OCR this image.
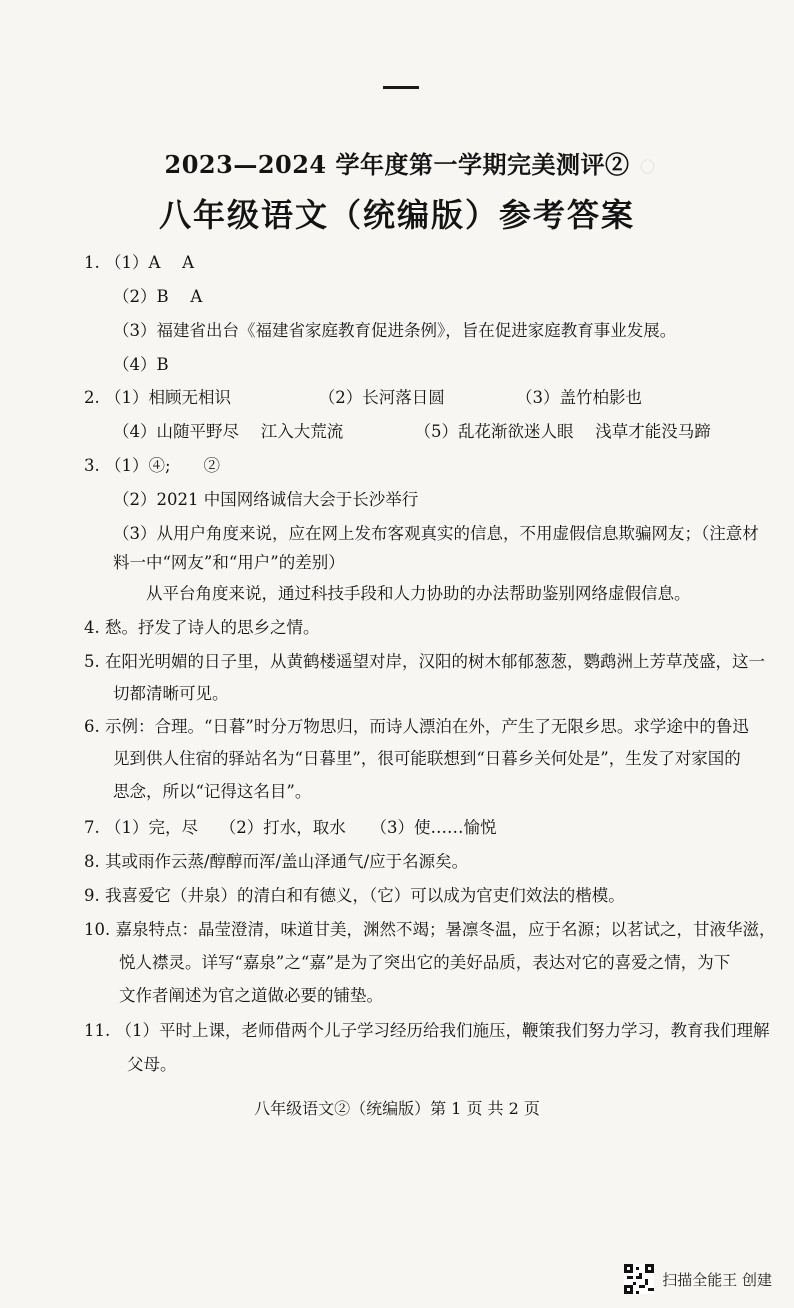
〇
2023—2024 学年度第一学期完美测评②
八年级语文（统编版）参考答案
1. （1）A　 A
（2）B　 A
（3）福建省出台《福建省家庭教育促进条例》，旨在促进家庭教育事业发展。
（4）B
2. （1）相顾无相识　　　　　 （2）长河落日圆　　　　 （3）盖竹柏影也
（4）山随平野尽　 江入大荒流　　　　 （5）乱花渐欲迷人眼　 浅草才能没马蹄
3. （1）④;　　②
（2）2021 中国网络诚信大会于长沙举行
（3）从用户角度来说，应在网上发布客观真实的信息，不用虚假信息欺骗网友；（注意材
料一中“网友”和“用户”的差别）
从平台角度来说，通过科技手段和人力协助的办法帮助鉴别网络虚假信息。
4. 愁。抒发了诗人的思乡之情。
5. 在阳光明媚的日子里，从黄鹤楼遥望对岸，汉阳的树木郁郁葱葱，鹦鹉洲上芳草茂盛，这一
切都清晰可见。
6. 示例：合理。“日暮”时分万物思归，而诗人漂泊在外，产生了无限乡思。求学途中的鲁迅
见到供人住宿的驿站名为“日暮里”，很可能联想到“日暮乡关何处是”，生发了对家国的
思念，所以“记得这名目”。
7. （1）完，尽　 （2）打水，取水　　（3）使……愉悦
8. 其或雨作云蒸/醇醇而浑/盖山泽通气/应于名源矣。
9. 我喜爱它（井泉）的清白和有德义，（它）可以成为官吏们效法的楷模。
10. 嘉泉特点：晶莹澄清，味道甘美，渊然不竭；暑凛冬温，应于名源；以茗试之，甘液华滋，
悦人襟灵。详写“嘉泉”之“嘉”是为了突出它的美好品质，表达对它的喜爱之情，为下
文作者阐述为官之道做必要的铺垫。
11. （1）平时上课，老师借两个儿子学习经历给我们施压，鞭策我们努力学习，教育我们理解
父母。
八年级语文②（统编版）第 1 页 共 2 页
扫描全能王 创建
